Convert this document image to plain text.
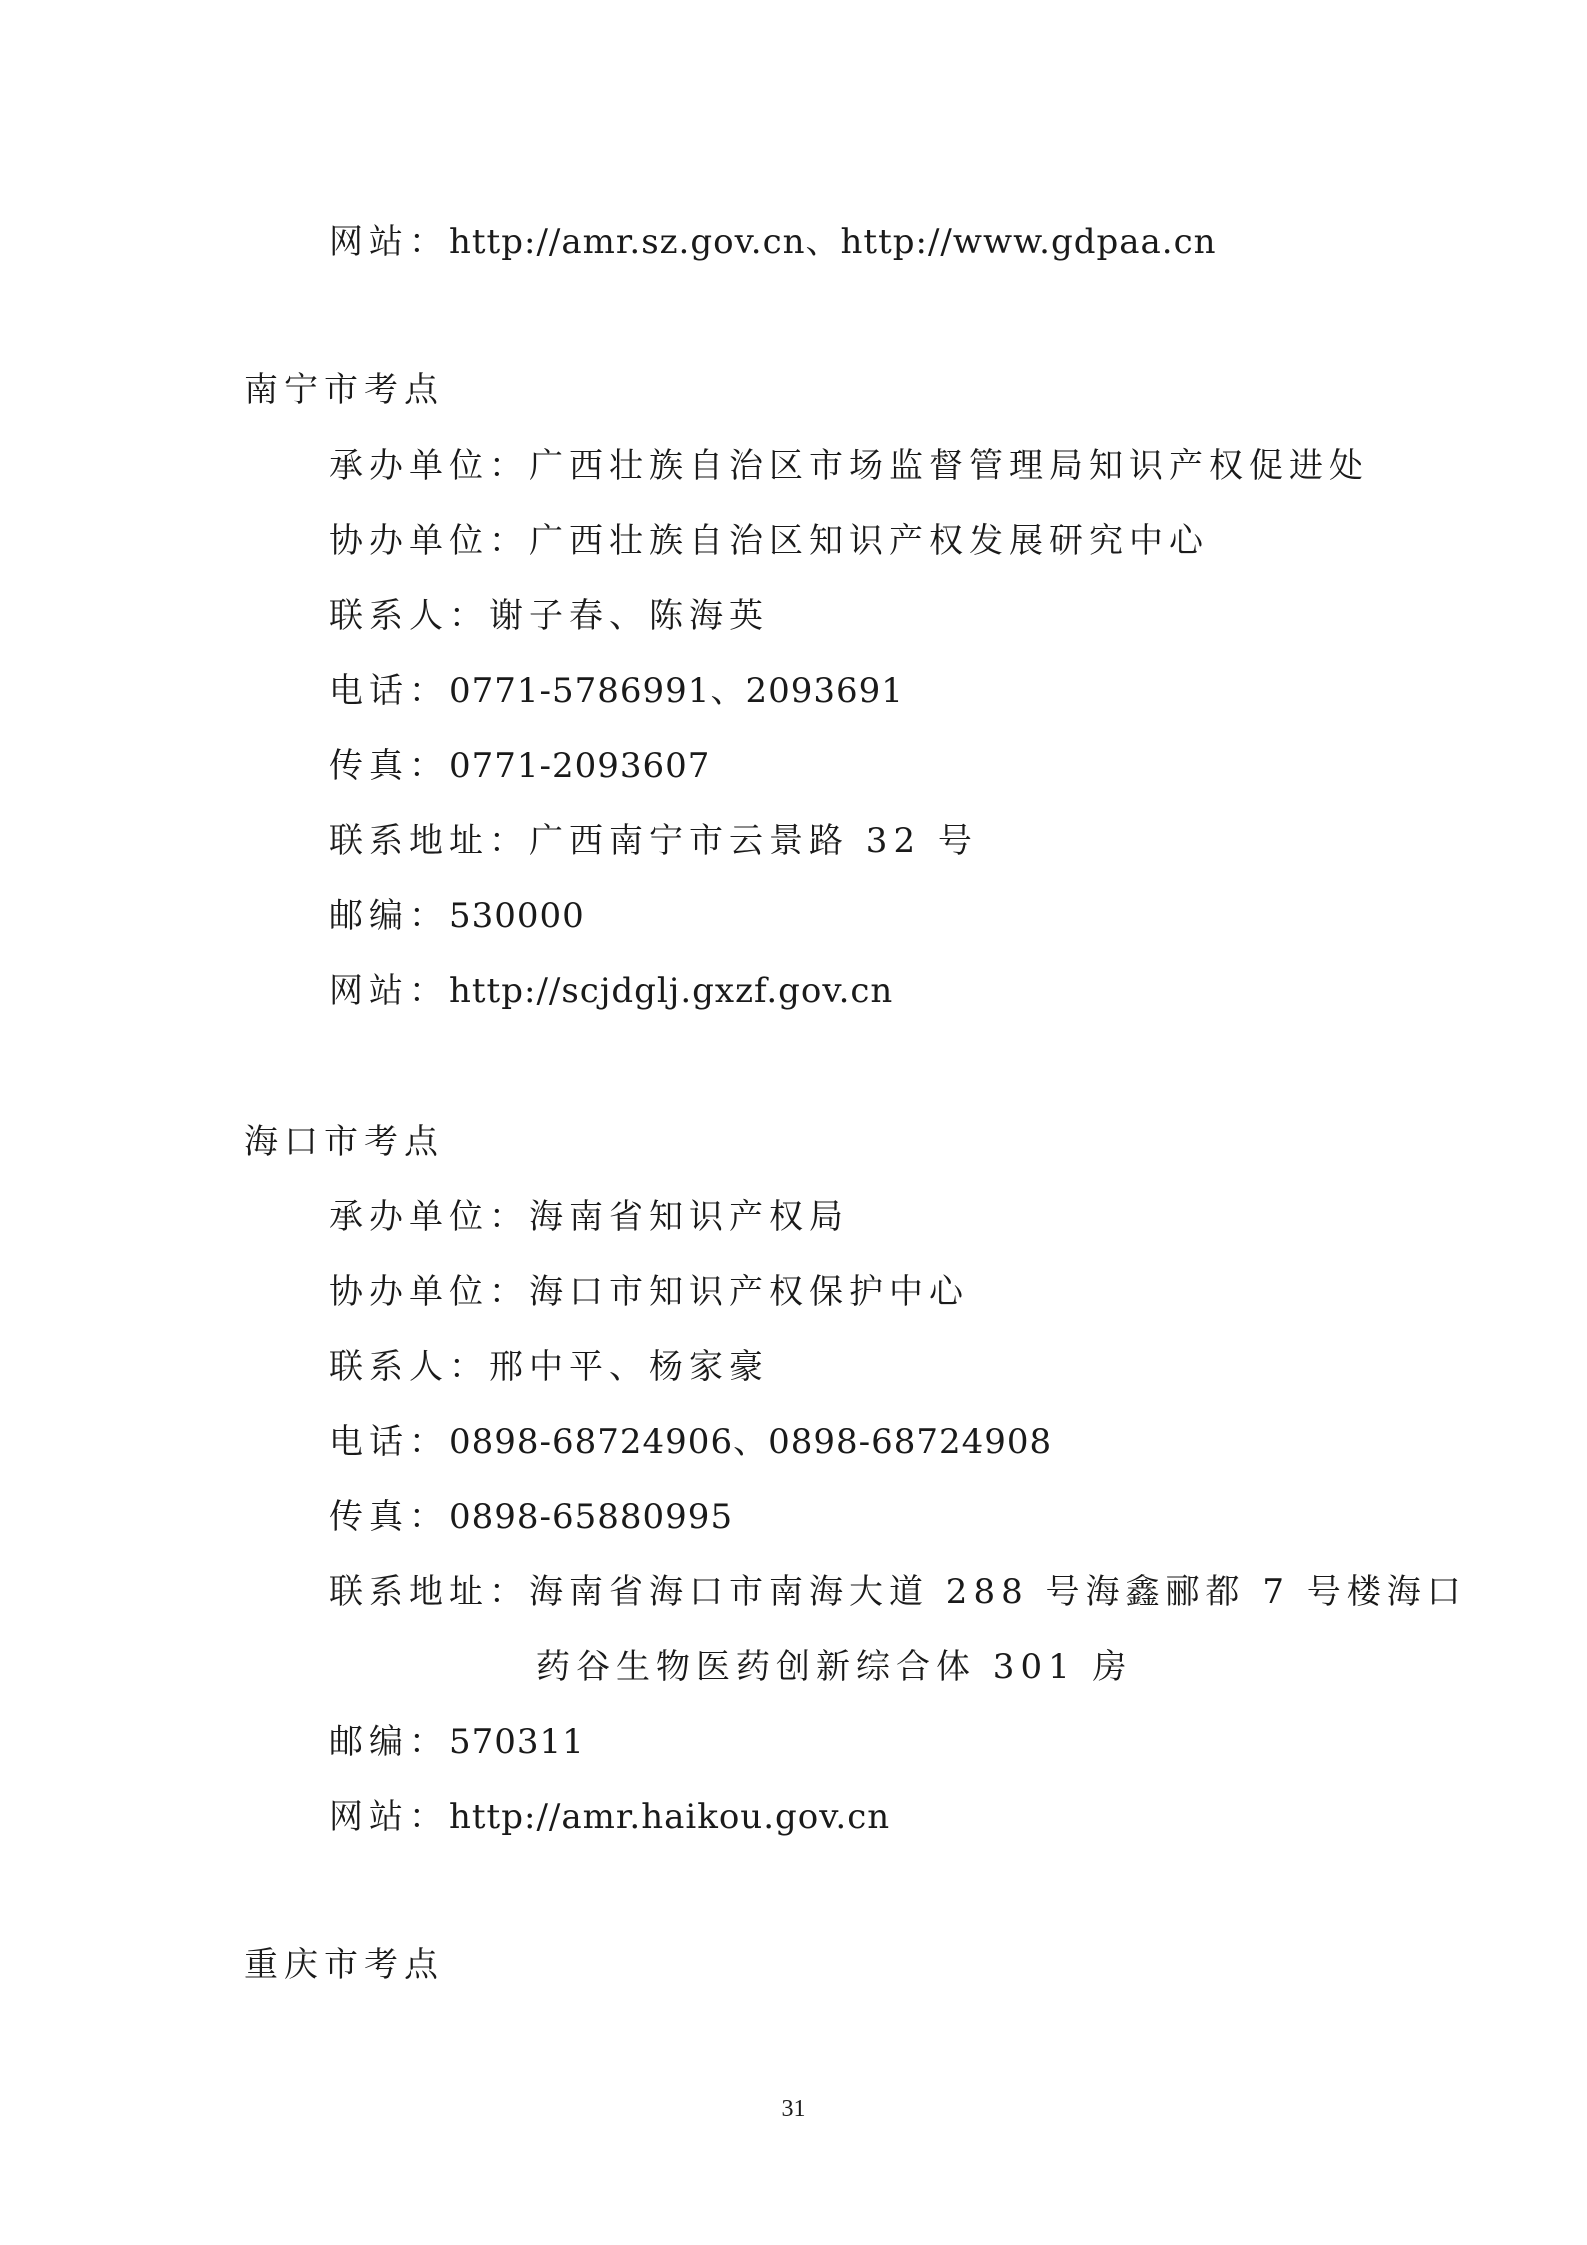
网站：http://amr.sz.gov.cn、http://www.gdpaa.cn
南宁市考点
承办单位：广西壮族自治区市场监督管理局知识产权促进处
协办单位：广西壮族自治区知识产权发展研究中心
联系人：谢子春、陈海英
电话：0771-5786991、2093691
传真：0771-2093607
联系地址：广西南宁市云景路 32 号
邮编：530000
网站：http://scjdglj.gxzf.gov.cn
海口市考点
承办单位：海南省知识产权局
协办单位：海口市知识产权保护中心
联系人：邢中平、杨家豪
电话：0898-68724906、0898-68724908
传真：0898-65880995
联系地址：海南省海口市南海大道 288 号海鑫郦都 7 号楼海口
药谷生物医药创新综合体 301 房
邮编：570311
网站：http://amr.haikou.gov.cn
重庆市考点
31
